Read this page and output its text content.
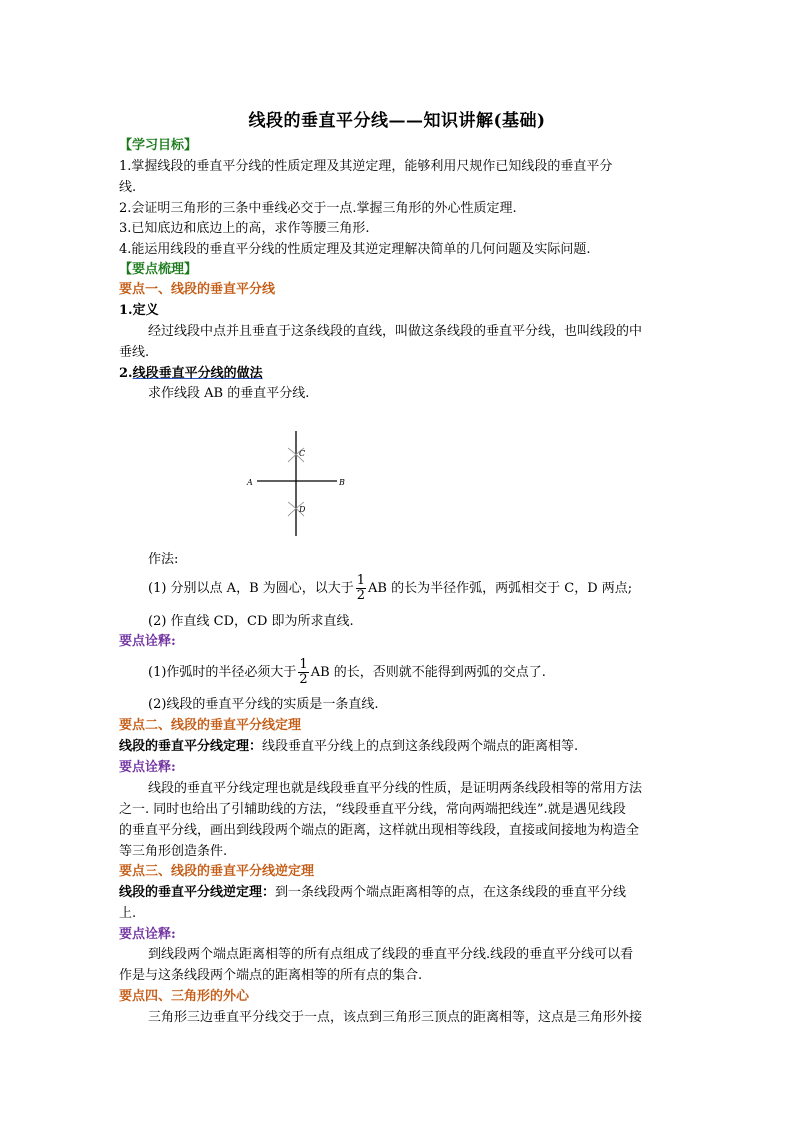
线段的垂直平分线——知识讲解(基础)
【学习目标】
1.掌握线段的垂直平分线的性质定理及其逆定理，能够利用尺规作已知线段的垂直平分
线.
2.会证明三角形的三条中垂线必交于一点.掌握三角形的外心性质定理.
3.已知底边和底边上的高，求作等腰三角形.
4.能运用线段的垂直平分线的性质定理及其逆定理解决简单的几何问题及实际问题.
【要点梳理】
要点一、线段的垂直平分线
1.定义
经过线段中点并且垂直于这条线段的直线，叫做这条线段的垂直平分线，也叫线段的中
垂线.
2.线段垂直平分线的做法
求作线段 AB 的垂直平分线.
A	B
C
D
作法:
(1) 分别以点 A，B 为圆心，以大于 $\frac{1}{2}$ AB 的长为半径作弧，两弧相交于 C，D 两点;
(2) 作直线 CD，CD 即为所求直线.
要点诠释:
(1)作弧时的半径必须大于 $\frac{1}{2}$ AB 的长，否则就不能得到两弧的交点了.
(2)线段的垂直平分线的实质是一条直线.
要点二、线段的垂直平分线定理
线段的垂直平分线定理：线段垂直平分线上的点到这条线段两个端点的距离相等.
要点诠释:
线段的垂直平分线定理也就是线段垂直平分线的性质，是证明两条线段相等的常用方法
之一. 同时也给出了引辅助线的方法，“线段垂直平分线，常向两端把线连”.就是遇见线段
的垂直平分线，画出到线段两个端点的距离，这样就出现相等线段，直接或间接地为构造全
等三角形创造条件.
要点三、线段的垂直平分线逆定理
线段的垂直平分线逆定理：到一条线段两个端点距离相等的点，在这条线段的垂直平分线
上.
要点诠释:
到线段两个端点距离相等的所有点组成了线段的垂直平分线.线段的垂直平分线可以看
作是与这条线段两个端点的距离相等的所有点的集合.
要点四、三角形的外心
三角形三边垂直平分线交于一点，该点到三角形三顶点的距离相等，这点是三角形外接
